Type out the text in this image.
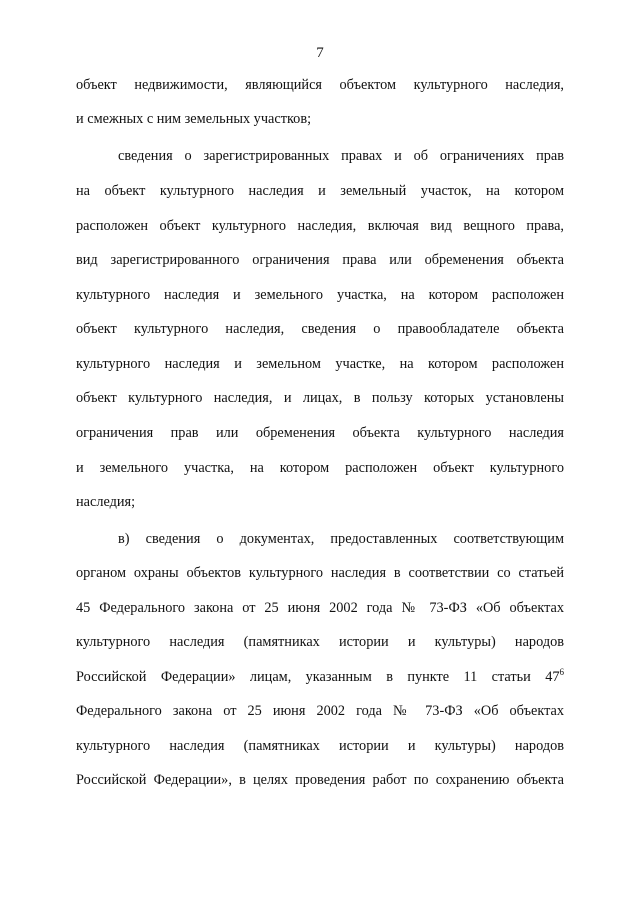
7
объект недвижимости, являющийся объектом культурного наследия,
и смежных с ним земельных участков;
сведения о зарегистрированных правах и об ограничениях прав
на объект культурного наследия и земельный участок, на котором
расположен объект культурного наследия, включая вид вещного права,
вид зарегистрированного ограничения права или обременения объекта
культурного наследия и земельного участка, на котором расположен
объект культурного наследия, сведения о правообладателе объекта
культурного наследия и земельном участке, на котором расположен
объект культурного наследия, и лицах, в пользу которых установлены
ограничения прав или обременения объекта культурного наследия
и земельного участка, на котором расположен объект культурного
наследия;
в) сведения о документах, предоставленных соответствующим
органом охраны объектов культурного наследия в соответствии со статьей
45 Федерального закона от 25 июня 2002 года № 73-ФЗ «Об объектах
культурного наследия (памятниках истории и культуры) народов
Российской Федерации» лицам, указанным в пункте 11 статьи $47^6$
Федерального закона от 25 июня 2002 года № 73-ФЗ «Об объектах
культурного наследия (памятниках истории и культуры) народов
Российской Федерации», в целях проведения работ по сохранению объекта
